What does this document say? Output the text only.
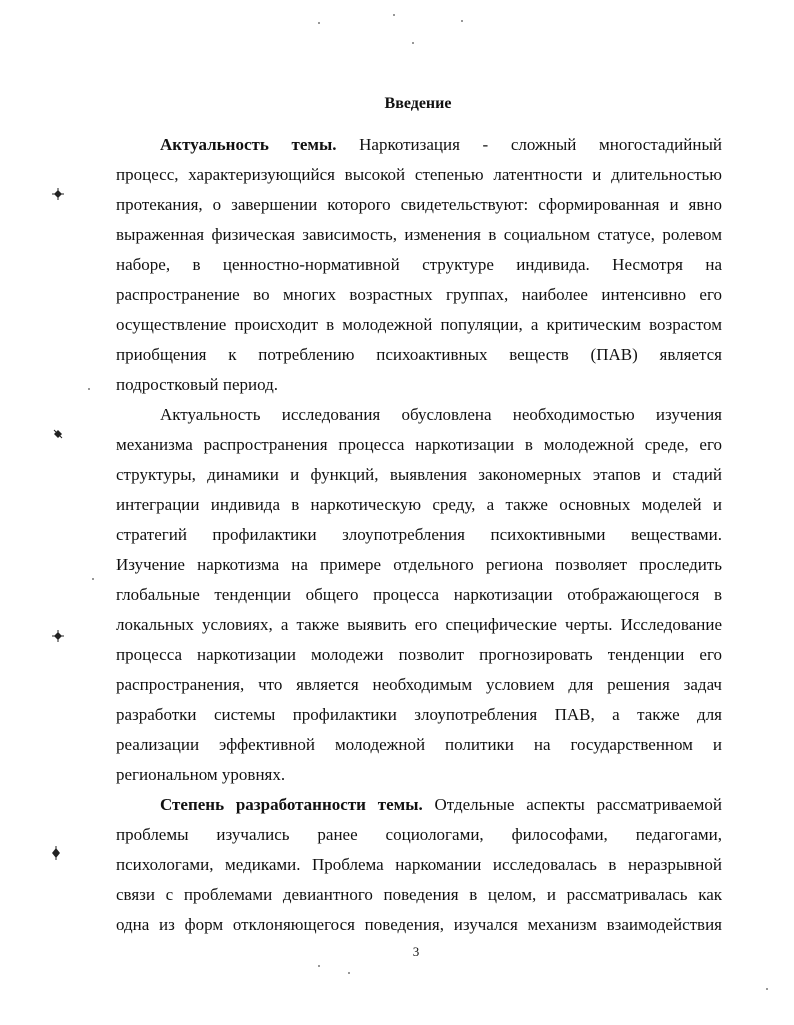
Введение
Актуальность темы. Наркотизация - сложный многостадийный
процесс, характеризующийся высокой степенью латентности и длительностью
протекания, о завершении которого свидетельствуют: сформированная и явно
выраженная физическая зависимость, изменения в социальном статусе, ролевом
наборе, в ценностно-нормативной структуре индивида. Несмотря на
распространение во многих возрастных группах, наиболее интенсивно его
осуществление происходит в молодежной популяции, а критическим возрастом
приобщения к потреблению психоактивных веществ (ПАВ) является
подростковый период.
Актуальность исследования обусловлена необходимостью изучения
механизма распространения процесса наркотизации в молодежной среде, его
структуры, динамики и функций, выявления закономерных этапов и стадий
интеграции индивида в наркотическую среду, а также основных моделей и
стратегий профилактики злоупотребления психоктивными веществами.
Изучение наркотизма на примере отдельного региона позволяет проследить
глобальные тенденции общего процесса наркотизации отображающегося в
локальных условиях, а также выявить его специфические черты. Исследование
процесса наркотизации молодежи позволит прогнозировать тенденции его
распространения, что является необходимым условием для решения задач
разработки системы профилактики злоупотребления ПАВ, а также для
реализации эффективной молодежной политики на государственном и
региональном уровнях.
Степень разработанности темы. Отдельные аспекты рассматриваемой
проблемы изучались ранее социологами, философами, педагогами,
психологами, медиками. Проблема наркомании исследовалась в неразрывной
связи с проблемами девиантного поведения в целом, и рассматривалась как
одна из форм отклоняющегося поведения, изучался механизм взаимодействия
3
